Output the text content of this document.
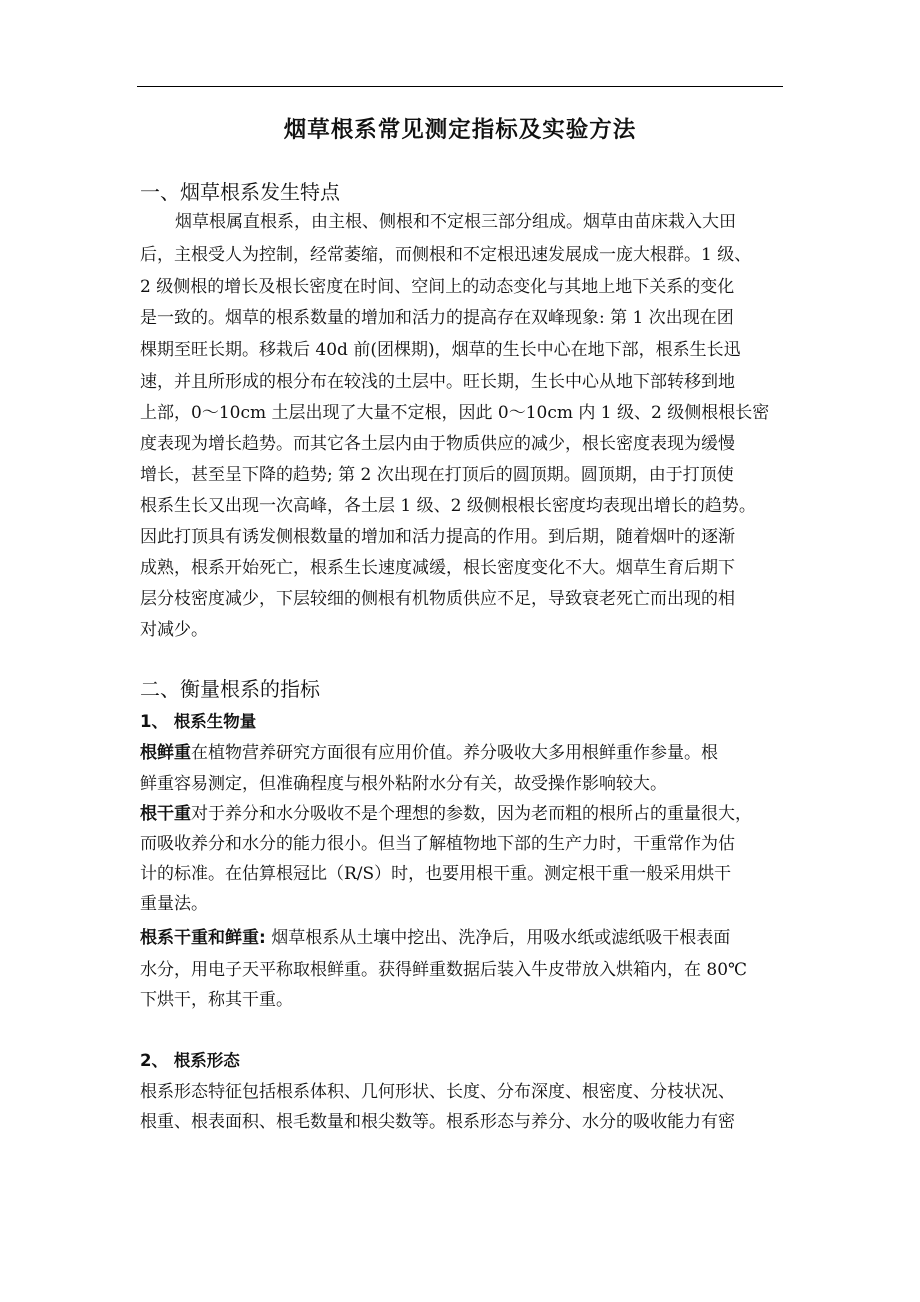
烟草根系常见测定指标及实验方法
一、烟草根系发生特点
烟草根属直根系，由主根、侧根和不定根三部分组成。烟草由苗床栽入大田
后，主根受人为控制，经常萎缩，而侧根和不定根迅速发展成一庞大根群。1 级、
2 级侧根的增长及根长密度在时间、空间上的动态变化与其地上地下关系的变化
是一致的。烟草的根系数量的增加和活力的提高存在双峰现象: 第 1 次出现在团
棵期至旺长期。移栽后 40d 前(团棵期)，烟草的生长中心在地下部，根系生长迅
速，并且所形成的根分布在较浅的土层中。旺长期，生长中心从地下部转移到地
上部，0～10cm 土层出现了大量不定根，因此 0～10cm 内 1 级、2 级侧根根长密
度表现为增长趋势。而其它各土层内由于物质供应的减少，根长密度表现为缓慢
增长，甚至呈下降的趋势; 第 2 次出现在打顶后的圆顶期。圆顶期，由于打顶使
根系生长又出现一次高峰，各土层 1 级、2 级侧根根长密度均表现出增长的趋势。
因此打顶具有诱发侧根数量的增加和活力提高的作用。到后期，随着烟叶的逐渐
成熟，根系开始死亡，根系生长速度减缓，根长密度变化不大。烟草生育后期下
层分枝密度减少，下层较细的侧根有机物质供应不足，导致衰老死亡而出现的相
对减少。
二、衡量根系的指标
1、 根系生物量
根鲜重在植物营养研究方面很有应用价值。养分吸收大多用根鲜重作参量。根
鲜重容易测定，但准确程度与根外粘附水分有关，故受操作影响较大。
根干重对于养分和水分吸收不是个理想的参数，因为老而粗的根所占的重量很大，
而吸收养分和水分的能力很小。但当了解植物地下部的生产力时，干重常作为估
计的标准。在估算根冠比（R/S）时，也要用根干重。测定根干重一般采用烘干
重量法。
根系干重和鲜重: 烟草根系从土壤中挖出、洗净后，用吸水纸或滤纸吸干根表面
水分，用电子天平称取根鲜重。获得鲜重数据后装入牛皮带放入烘箱内，在 80℃
下烘干，称其干重。
2、 根系形态
根系形态特征包括根系体积、几何形状、长度、分布深度、根密度、分枝状况、
根重、根表面积、根毛数量和根尖数等。根系形态与养分、水分的吸收能力有密
